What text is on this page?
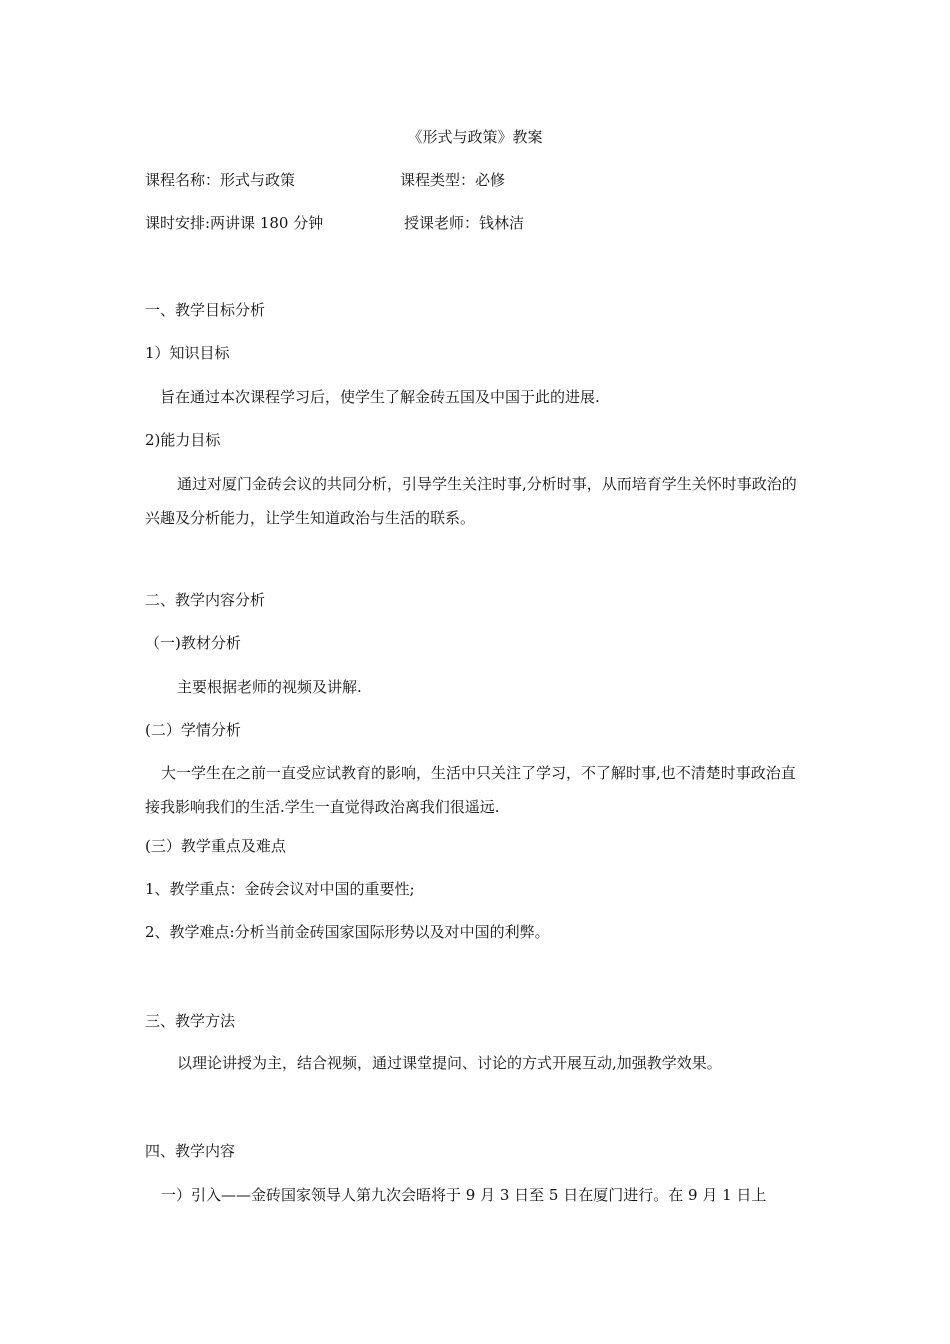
《形式与政策》教案
课程名称：形式与政策	课程类型：必修
课时安排:两讲课 180 分钟	授课老师：钱林洁
一、教学目标分析
1）知识目标
旨在通过本次课程学习后，使学生了解金砖五国及中国于此的进展.
2)能力目标
通过对厦门金砖会议的共同分析，引导学生关注时事,分析时事，从而培育学生关怀时事政治的兴趣及分析能力，让学生知道政治与生活的联系。
二、教学内容分析
（一)教材分析
主要根据老师的视频及讲解.
(二）学情分析
大一学生在之前一直受应试教育的影响，生活中只关注了学习，不了解时事,也不清楚时事政治直接我影响我们的生活.学生一直觉得政治离我们很遥远.
(三）教学重点及难点
1、教学重点：金砖会议对中国的重要性;
2、教学难点:分析当前金砖国家国际形势以及对中国的利弊。
三、教学方法
以理论讲授为主，结合视频，通过课堂提问、讨论的方式开展互动,加强教学效果。
四、教学内容
一）引入——金砖国家领导人第九次会晤将于 9 月 3 日至 5 日在厦门进行。在 9 月 1 日上
